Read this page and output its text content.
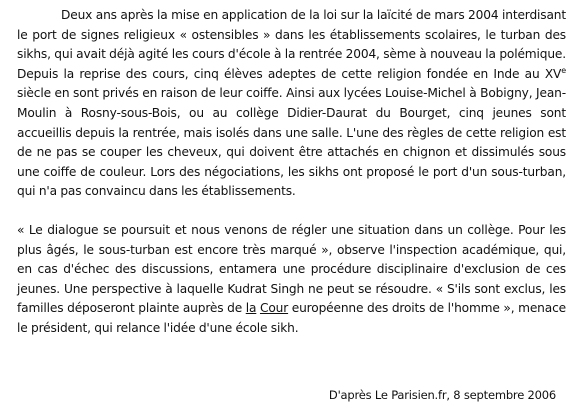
Deux ans après la mise en application de la loi sur la laïcité de mars 2004 interdisant le port de signes religieux « ostensibles » dans les établissements scolaires, le turban des sikhs, qui avait déjà agité les cours d'école à la rentrée 2004, sème à nouveau la polémique. Depuis la reprise des cours, cinq élèves adeptes de cette religion fondée en Inde au XVe siècle en sont privés en raison de leur coiffe. Ainsi aux lycées Louise-Michel à Bobigny, Jean-Moulin à Rosny-sous-Bois, ou au collège Didier-Daurat du Bourget, cinq jeunes sont accueillis depuis la rentrée, mais isolés dans une salle. L'une des règles de cette religion est de ne pas se couper les cheveux, qui doivent être attachés en chignon et dissimulés sous une coiffe de couleur. Lors des négociations, les sikhs ont proposé le port d'un sous-turban, qui n'a pas convaincu dans les établissements.

« Le dialogue se poursuit et nous venons de régler une situation dans un collège. Pour les plus âgés, le sous-turban est encore très marqué », observe l'inspection académique, qui, en cas d'échec des discussions, entamera une procédure disciplinaire d'exclusion de ces jeunes. Une perspective à laquelle Kudrat Singh ne peut se résoudre. « S'ils sont exclus, les familles déposeront plainte auprès de la Cour européenne des droits de l'homme », menace le président, qui relance l'idée d'une école sikh.

D'après Le Parisien.fr, 8 septembre 2006
